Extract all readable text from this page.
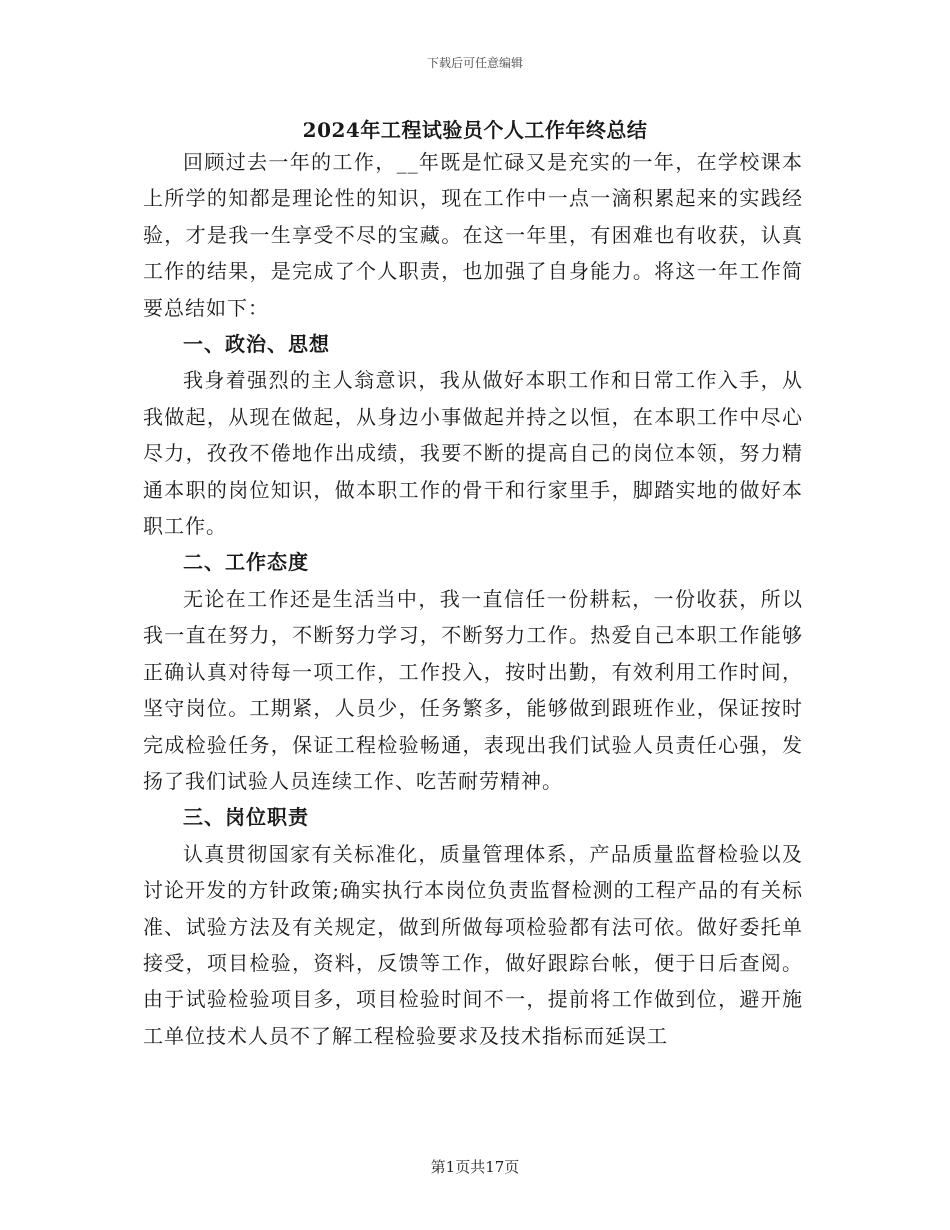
下载后可任意编辑
2024年工程试验员个人工作年终总结

回顾过去一年的工作，__年既是忙碌又是充实的一年，在学校课本上所学的知都是理论性的知识，现在工作中一点一滴积累起来的实践经验，才是我一生享受不尽的宝藏。在这一年里，有困难也有收获，认真工作的结果，是完成了个人职责，也加强了自身能力。将这一年工作简要总结如下：

一、政治、思想

我身着强烈的主人翁意识，我从做好本职工作和日常工作入手，从我做起，从现在做起，从身边小事做起并持之以恒，在本职工作中尽心尽力，孜孜不倦地作出成绩，我要不断的提高自己的岗位本领，努力精通本职的岗位知识，做本职工作的骨干和行家里手，脚踏实地的做好本职工作。

二、工作态度

无论在工作还是生活当中，我一直信任一份耕耘，一份收获，所以我一直在努力，不断努力学习，不断努力工作。热爱自己本职工作能够正确认真对待每一项工作，工作投入，按时出勤，有效利用工作时间，坚守岗位。工期紧，人员少，任务繁多，能够做到跟班作业，保证按时完成检验任务，保证工程检验畅通，表现出我们试验人员责任心强，发扬了我们试验人员连续工作、吃苦耐劳精神。

三、岗位职责

认真贯彻国家有关标准化，质量管理体系，产品质量监督检验以及讨论开发的方针政策;确实执行本岗位负责监督检测的工程产品的有关标准、试验方法及有关规定，做到所做每项检验都有法可依。做好委托单接受，项目检验，资料，反馈等工作，做好跟踪台帐，便于日后查阅。由于试验检验项目多，项目检验时间不一，提前将工作做到位，避开施工单位技术人员不了解工程检验要求及技术指标而延误工

第1页共17页
